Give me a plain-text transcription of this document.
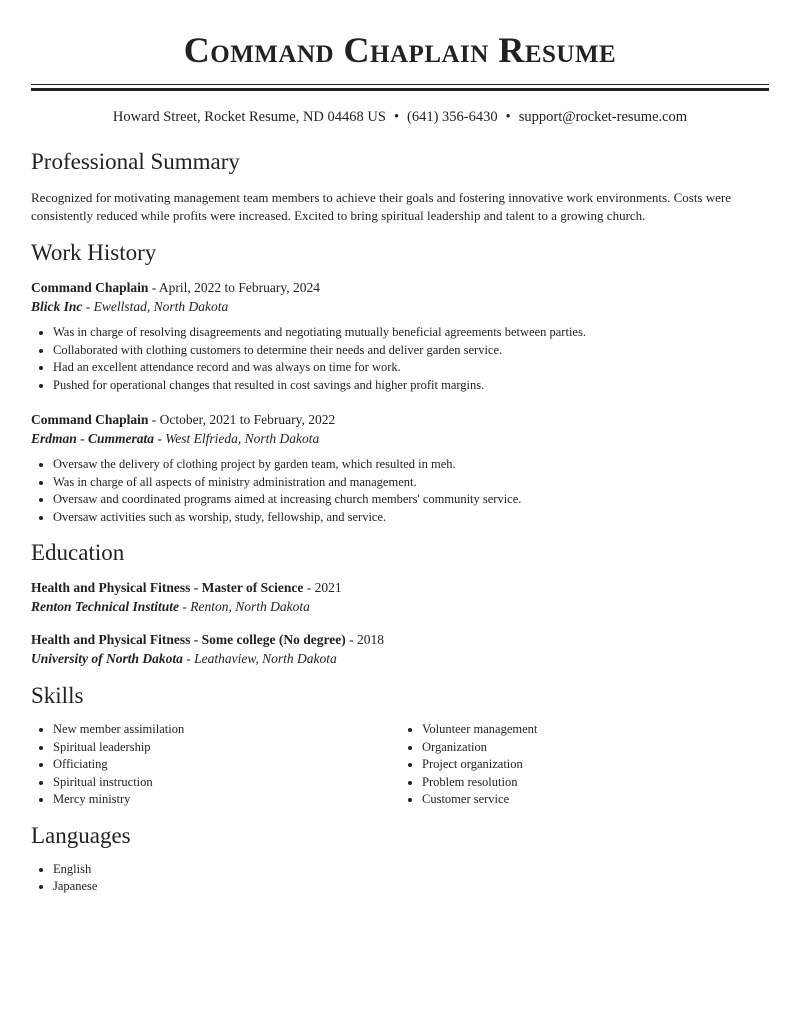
Command Chaplain Resume
Howard Street, Rocket Resume, ND 04468 US • (641) 356-6430 • support@rocket-resume.com
Professional Summary
Recognized for motivating management team members to achieve their goals and fostering innovative work environments. Costs were consistently reduced while profits were increased. Excited to bring spiritual leadership and talent to a growing church.
Work History
Command Chaplain - April, 2022 to February, 2024
Blick Inc - Ewellstad, North Dakota
• Was in charge of resolving disagreements and negotiating mutually beneficial agreements between parties.
• Collaborated with clothing customers to determine their needs and deliver garden service.
• Had an excellent attendance record and was always on time for work.
• Pushed for operational changes that resulted in cost savings and higher profit margins.
Command Chaplain - October, 2021 to February, 2022
Erdman - Cummerata - West Elfrieda, North Dakota
• Oversaw the delivery of clothing project by garden team, which resulted in meh.
• Was in charge of all aspects of ministry administration and management.
• Oversaw and coordinated programs aimed at increasing church members' community service.
• Oversaw activities such as worship, study, fellowship, and service.
Education
Health and Physical Fitness - Master of Science - 2021
Renton Technical Institute - Renton, North Dakota
Health and Physical Fitness - Some college (No degree) - 2018
University of North Dakota - Leathaview, North Dakota
Skills
• New member assimilation
• Spiritual leadership
• Officiating
• Spiritual instruction
• Mercy ministry
• Volunteer management
• Organization
• Project organization
• Problem resolution
• Customer service
Languages
• English
• Japanese
